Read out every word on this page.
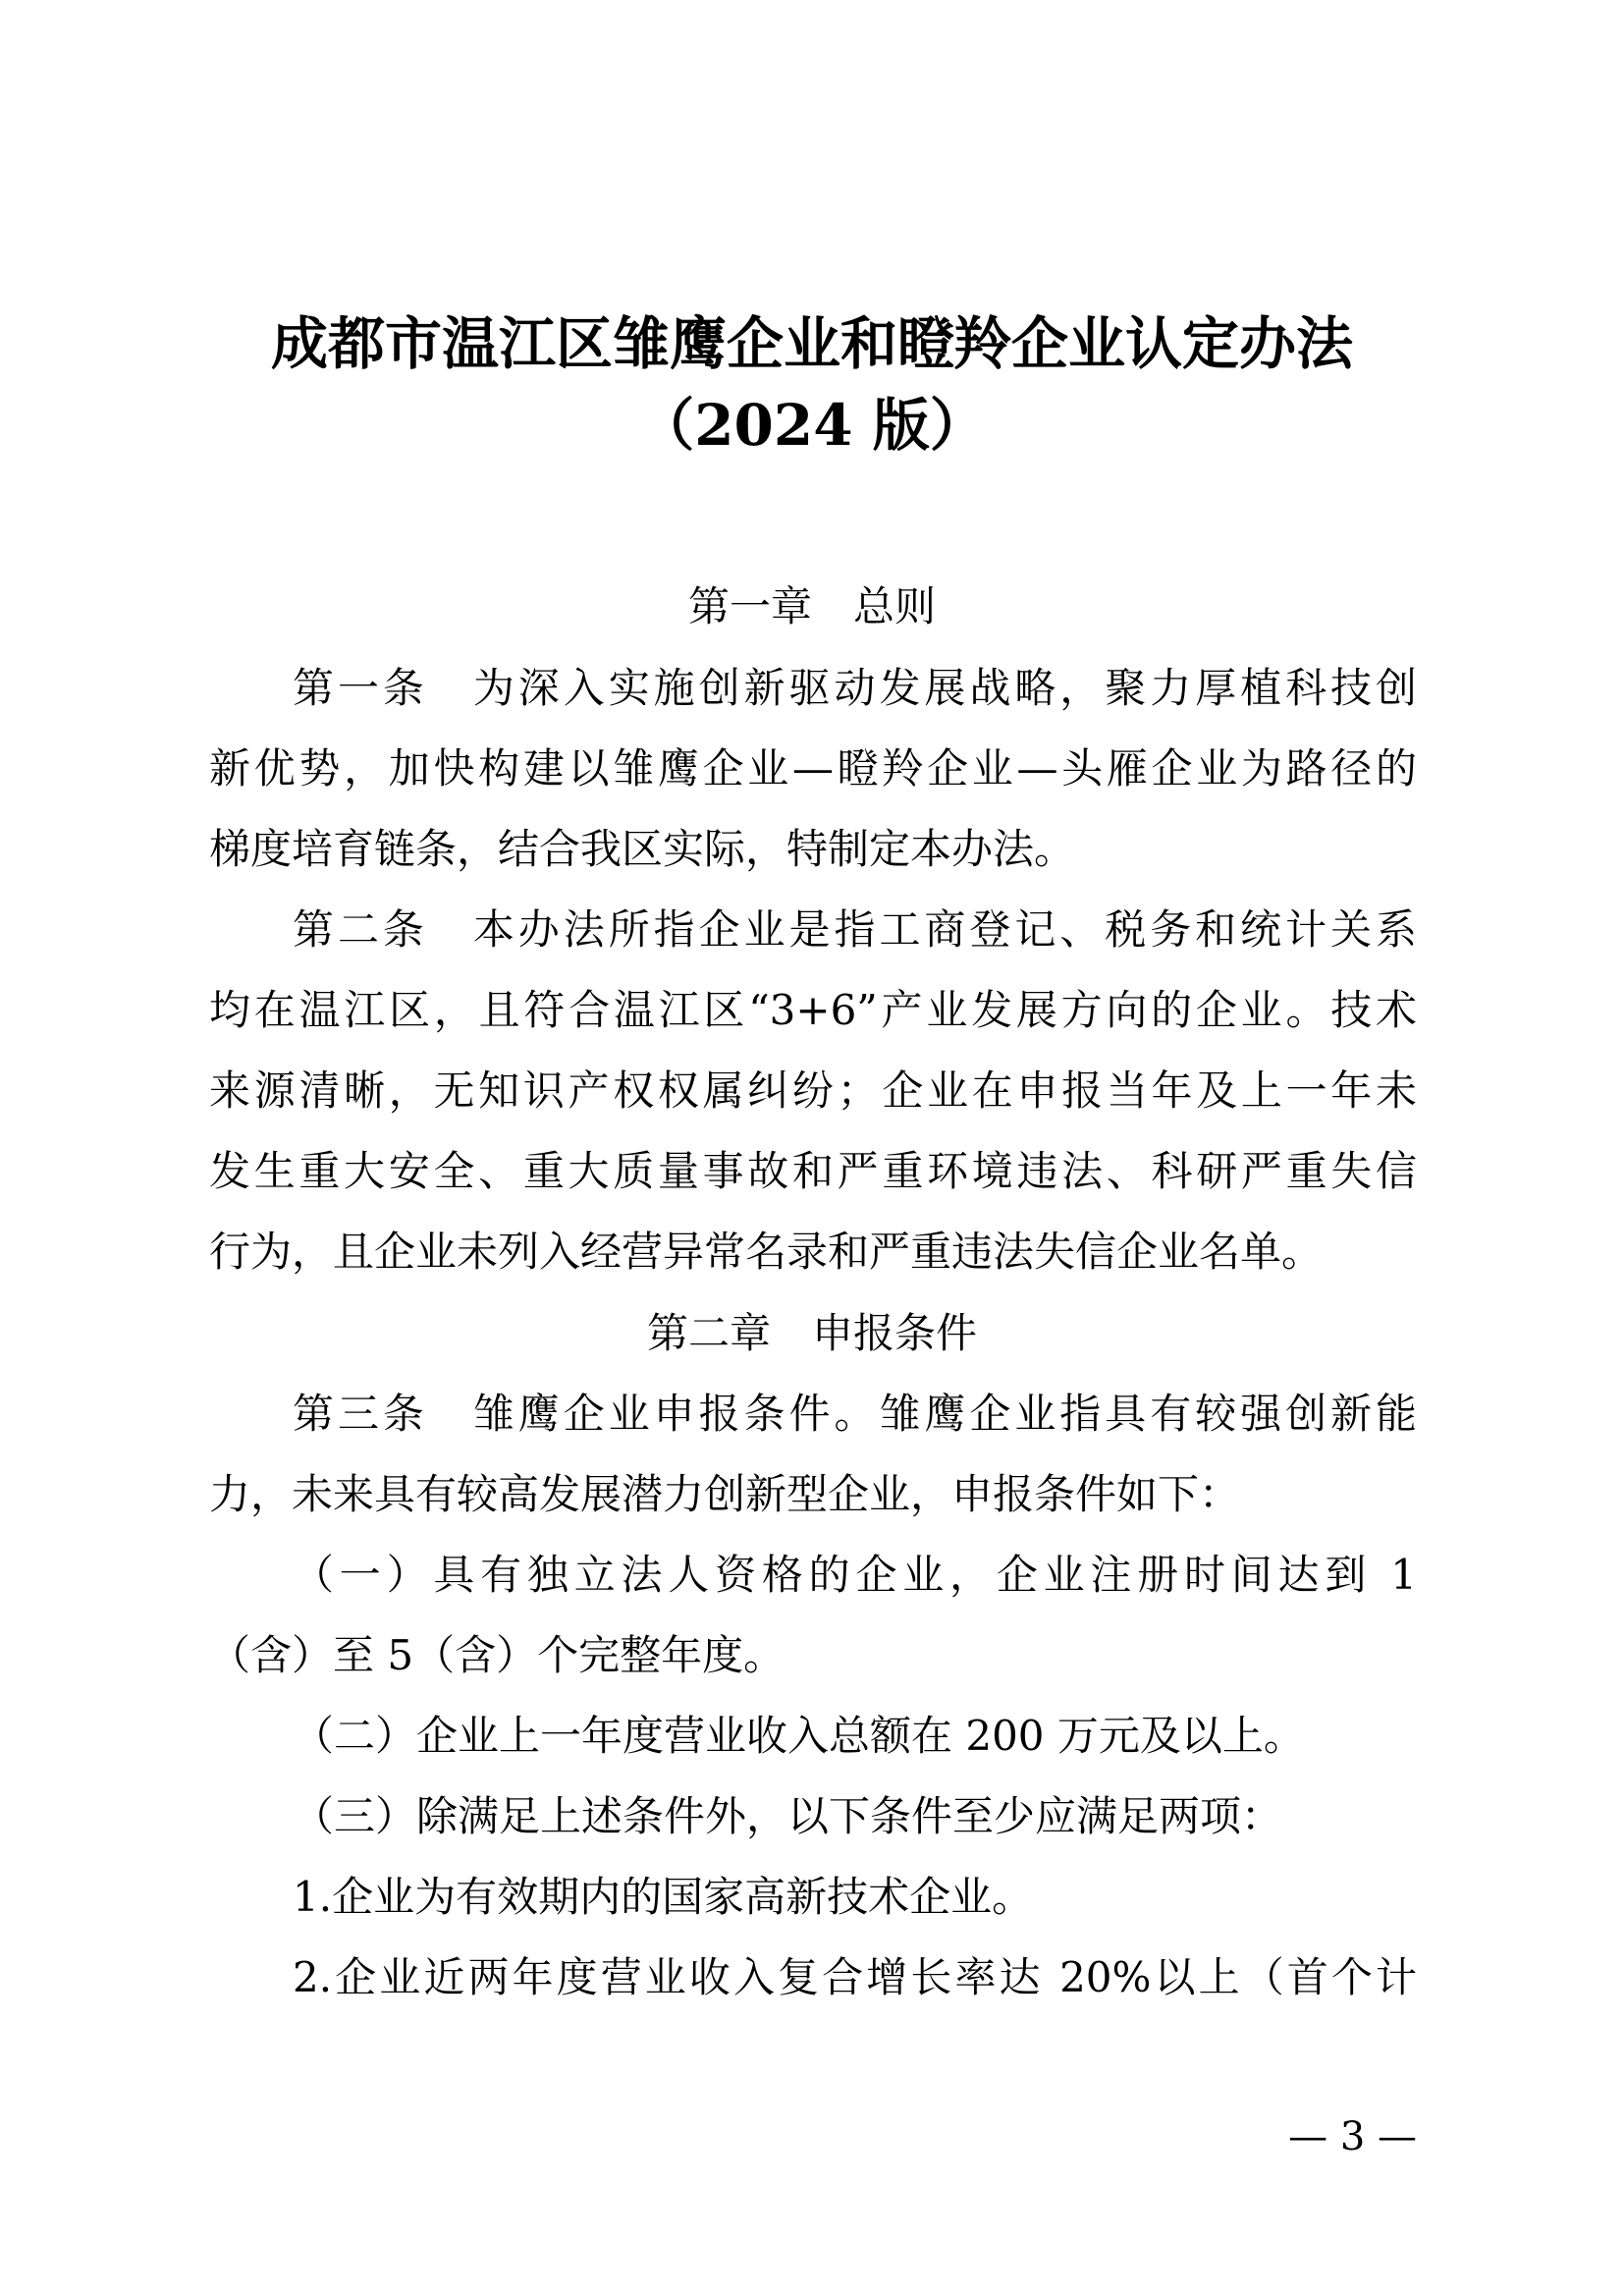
成都市温江区雏鹰企业和瞪羚企业认定办法
（2024 版）
第一章　总则
第一条　为深入实施创新驱动发展战略，聚力厚植科技创
新优势，加快构建以雏鹰企业—瞪羚企业—头雁企业为路径的
梯度培育链条，结合我区实际，特制定本办法。
第二条　本办法所指企业是指工商登记、税务和统计关系
均在温江区，且符合温江区“3+6”产业发展方向的企业。技术
来源清晰，无知识产权权属纠纷；企业在申报当年及上一年未
发生重大安全、重大质量事故和严重环境违法、科研严重失信
行为，且企业未列入经营异常名录和严重违法失信企业名单。
第二章　申报条件
第三条　雏鹰企业申报条件。雏鹰企业指具有较强创新能
力，未来具有较高发展潜力创新型企业，申报条件如下：
（一）具有独立法人资格的企业，企业注册时间达到 1
（含）至 5（含）个完整年度。
（二）企业上一年度营业收入总额在 200 万元及以上。
（三）除满足上述条件外，以下条件至少应满足两项：
1.企业为有效期内的国家高新技术企业。
2.企业近两年度营业收入复合增长率达 20%以上（首个计
— 3 —
